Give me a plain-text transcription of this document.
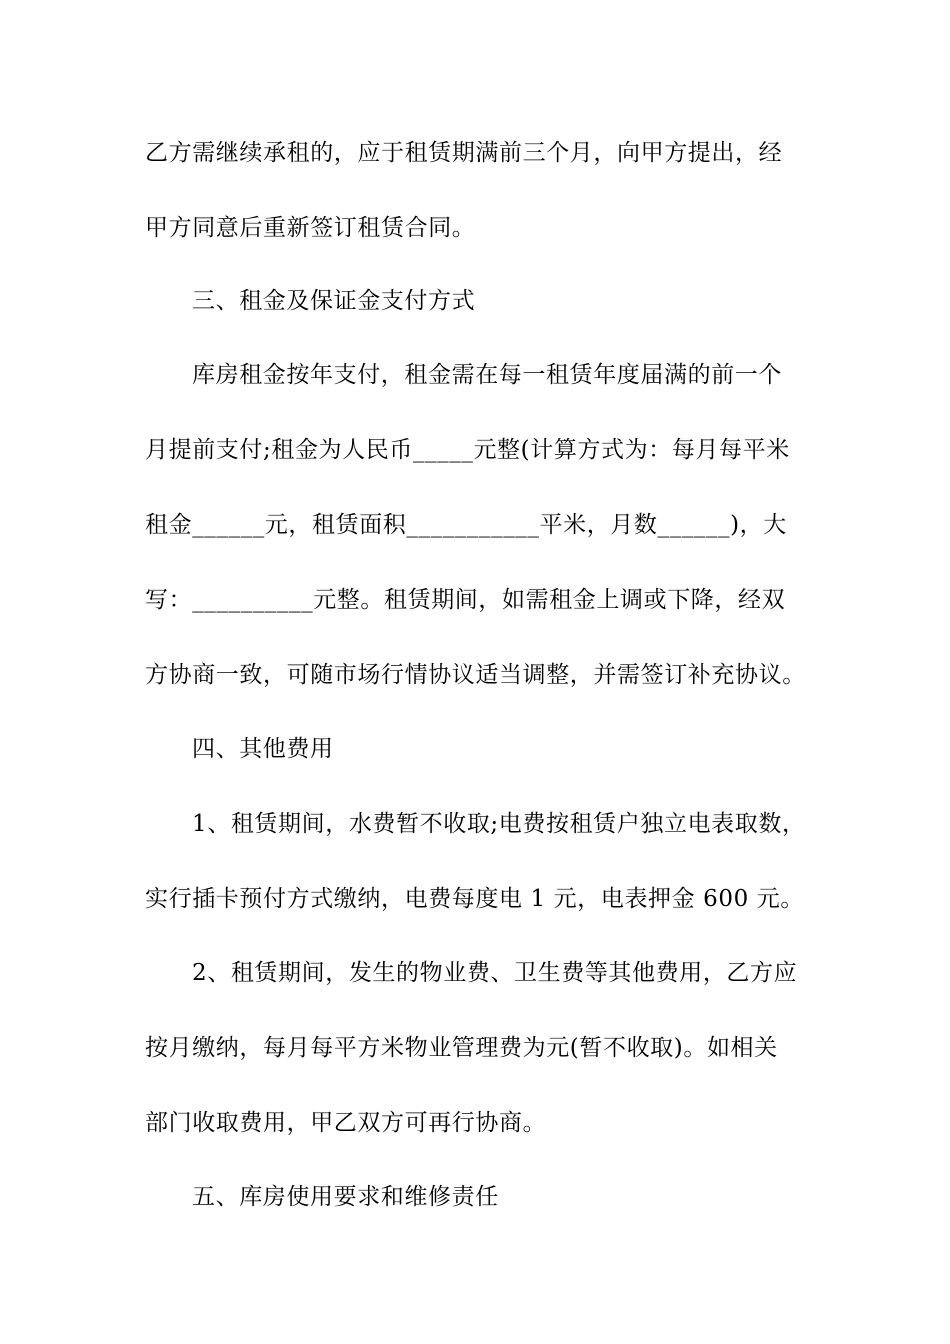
乙方需继续承租的，应于租赁期满前三个月，向甲方提出，经
甲方同意后重新签订租赁合同。
三、租金及保证金支付方式
库房租金按年支付，租金需在每一租赁年度届满的前一个
月提前支付;租金为人民币_____元整(计算方式为：每月每平米
租金______元，租赁面积___________平米，月数______)，大
写：__________元整。租赁期间，如需租金上调或下降，经双
方协商一致，可随市场行情协议适当调整，并需签订补充协议。
四、其他费用
1、租赁期间，水费暂不收取;电费按租赁户独立电表取数，
实行插卡预付方式缴纳，电费每度电 1 元，电表押金 600 元。
2、租赁期间，发生的物业费、卫生费等其他费用，乙方应
按月缴纳，每月每平方米物业管理费为元(暂不收取)。如相关
部门收取费用，甲乙双方可再行协商。
五、库房使用要求和维修责任
